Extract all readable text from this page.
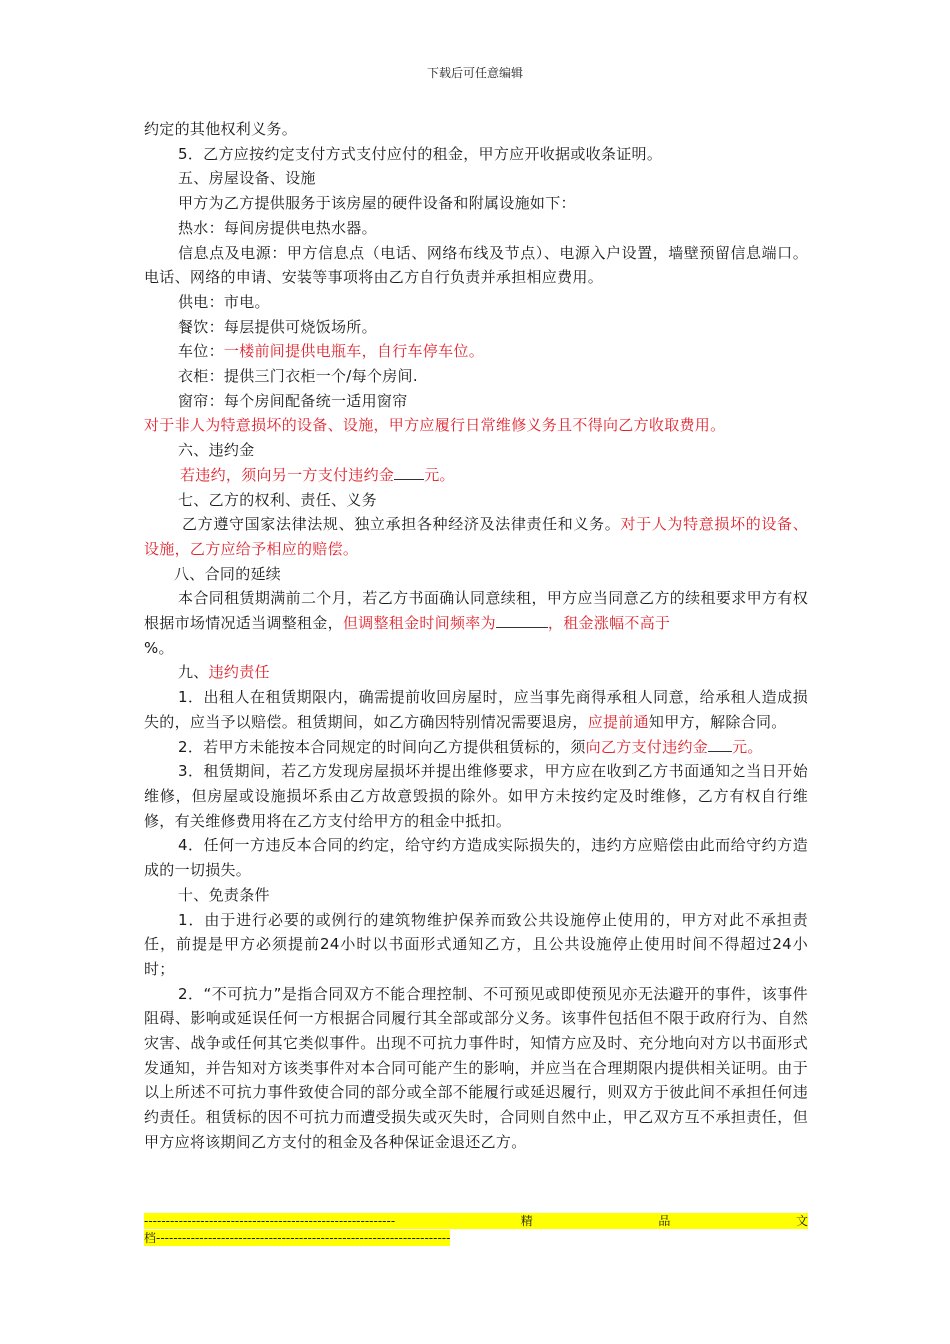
下载后可任意编辑

约定的其他权利义务。

5．乙方应按约定支付方式支付应付的租金，甲方应开收据或收条证明。

五、房屋设备、设施

甲方为乙方提供服务于该房屋的硬件设备和附属设施如下：

热水：每间房提供电热水器。

信息点及电源：甲方信息点（电话、网络布线及节点）、电源入户设置，墙壁预留信息端口。电话、网络的申请、安装等事项将由乙方自行负责并承担相应费用。

供电：市电。

餐饮：每层提供可烧饭场所。

车位：一楼前间提供电瓶车，自行车停车位。

衣柜：提供三门衣柜一个/每个房间.

窗帘：每个房间配备统一适用窗帘

对于非人为特意损坏的设备、设施，甲方应履行日常维修义务且不得向乙方收取费用。

六、违约金

若违约，须向另一方支付违约金 元。

七、乙方的权利、责任、义务

乙方遵守国家法律法规、独立承担各种经济及法律责任和义务。对于人为特意损坏的设备、设施，乙方应给予相应的赔偿。

八、合同的延续

本合同租赁期满前二个月，若乙方书面确认同意续租，甲方应当同意乙方的续租要求甲方有权根据市场情况适当调整租金，但调整租金时间频率为	，租金涨幅不高于
%。

九、违约责任

1．出租人在租赁期限内，确需提前收回房屋时，应当事先商得承租人同意，给承租人造成损失的，应当予以赔偿。租赁期间，如乙方确因特别情况需要退房，应提前通知甲方，解除合同。

2．若甲方未能按本合同规定的时间向乙方提供租赁标的，须向乙方支付违约金 元。

3．租赁期间，若乙方发现房屋损坏并提出维修要求，甲方应在收到乙方书面通知之当日开始维修，但房屋或设施损坏系由乙方故意毁损的除外。如甲方未按约定及时维修，乙方有权自行维修，有关维修费用将在乙方支付给甲方的租金中抵扣。

4．任何一方违反本合同的约定，给守约方造成实际损失的，违约方应赔偿由此而给守约方造成的一切损失。

十、免责条件

1．由于进行必要的或例行的建筑物维护保养而致公共设施停止使用的，甲方对此不承担责任，前提是甲方必须提前24小时以书面形式通知乙方，且公共设施停止使用时间不得超过24小时；

2．“不可抗力”是指合同双方不能合理控制、不可预见或即使预见亦无法避开的事件，该事件阻碍、影响或延误任何一方根据合同履行其全部或部分义务。该事件包括但不限于政府行为、自然灾害、战争或任何其它类似事件。出现不可抗力事件时，知情方应及时、充分地向对方以书面形式发通知，并告知对方该类事件对本合同可能产生的影响，并应当在合理期限内提供相关证明。由于以上所述不可抗力事件致使合同的部分或全部不能履行或延迟履行，则双方于彼此间不承担任何违约责任。租赁标的因不可抗力而遭受损失或灭失时，合同则自然中止，甲乙双方互不承担责任，但甲方应将该期间乙方支付的租金及各种保证金退还乙方。

----------------------------------------------------------	精	品	文
档--------------------------------------------------------------------
